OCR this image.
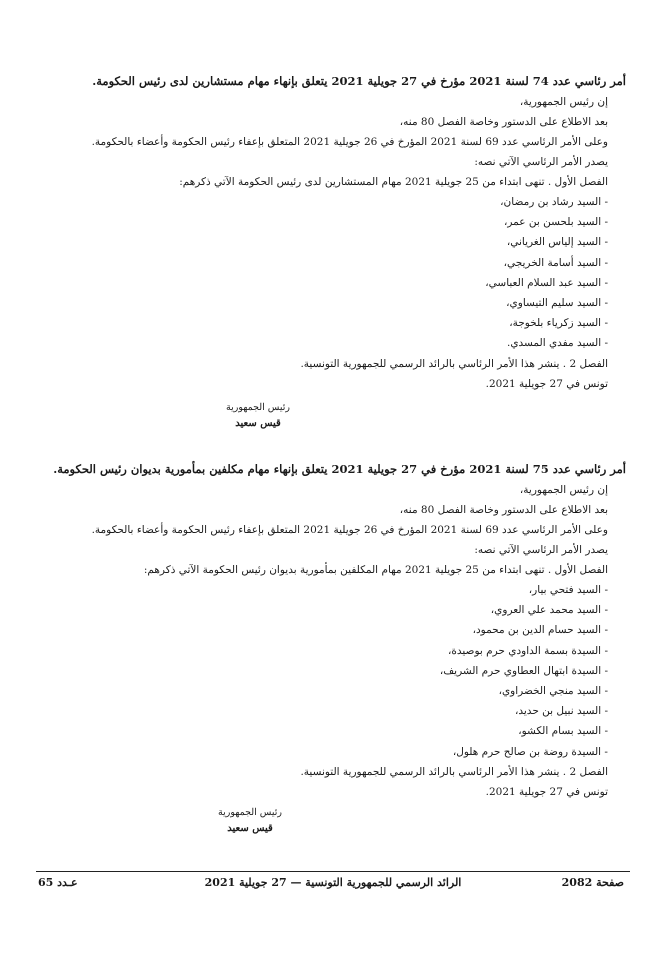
أمر رئاسي عدد 74 لسنة 2021 مؤرخ في 27 جويلية 2021 يتعلق بإنهاء مهام مستشارين لدى رئيس الحكومة.

إن رئيس الجمهورية،

بعد الاطلاع على الدستور وخاصة الفصل 80 منه،

وعلى الأمر الرئاسي عدد 69 لسنة 2021 المؤرخ في 26 جويلية 2021 المتعلق بإعفاء رئيس الحكومة وأعضاء بالحكومة.

يصدر الأمر الرئاسي الآتي نصه:

الفصل الأول . تنهى ابتداء من 25 جويلية 2021 مهام المستشارين لدى رئيس الحكومة الآتي ذكرهم:

- السيد رشاد بن رمضان،
- السيد بلحسن بن عمر،
- السيد إلياس الغرياني،
- السيد أسامة الخريجي،
- السيد عبد السلام العباسي،
- السيد سليم التيساوي،
- السيد زكرياء بلخوجة،
- السيد مفدي المسدي.

الفصل 2 . ينشر هذا الأمر الرئاسي بالرائد الرسمي للجمهورية التونسية.

تونس في 27 جويلية 2021.

رئيس الجمهورية
قيس سعيد

أمر رئاسي عدد 75 لسنة 2021 مؤرخ في 27 جويلية 2021 يتعلق بإنهاء مهام مكلفين بمأمورية بديوان رئيس الحكومة.

إن رئيس الجمهورية،

بعد الاطلاع على الدستور وخاصة الفصل 80 منه،

وعلى الأمر الرئاسي عدد 69 لسنة 2021 المؤرخ في 26 جويلية 2021 المتعلق بإعفاء رئيس الحكومة وأعضاء بالحكومة.

يصدر الأمر الرئاسي الآتي نصه:

الفصل الأول . تنهى ابتداء من 25 جويلية 2021 مهام المكلفين بمأمورية بديوان رئيس الحكومة الآتي ذكرهم:

- السيد فتحي بيار،
- السيد محمد علي العروي،
- السيد حسام الدين بن محمود،
- السيدة بسمة الداودي حرم بوصيدة،
- السيدة ابتهال العطاوي حرم الشريف،
- السيد منجي الخضراوي،
- السيد نبيل بن حديد،
- السيد بسام الكشو،
- السيدة روضة بن صالح حرم هلول،

الفصل 2 . ينشر هذا الأمر الرئاسي بالرائد الرسمي للجمهورية التونسية.

تونس في 27 جويلية 2021.

رئيس الجمهورية
قيس سعيد
صفحة 2082
الرائد الرسمي للجمهورية التونسية — 27 جويلية 2021
عـدد 65
